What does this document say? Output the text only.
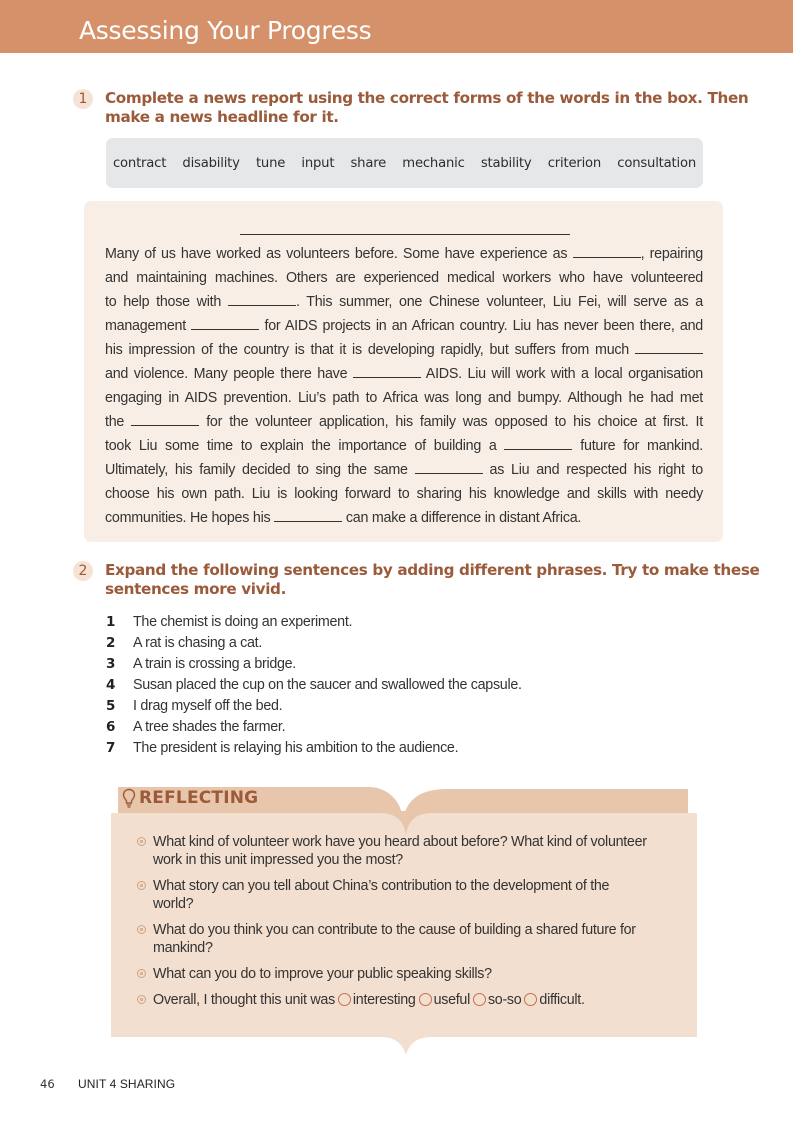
Assessing Your Progress
1	Complete a news report using the correct forms of the words in the box. Then
make a news headline for it.
contract disability tune input share mechanic stability criterion consultation
Many of us have worked as volunteers before. Some have experience as	, repairing
and maintaining machines. Others are experienced medical workers who have volunteered
to help those with	. This summer, one Chinese volunteer, Liu Fei, will serve as a
management	for AIDS projects in an African country. Liu has never been there, and
his impression of the country is that it is developing rapidly, but suffers from much
and violence. Many people there have	AIDS. Liu will work with a local organisation
engaging in AIDS prevention. Liu’s path to Africa was long and bumpy. Although he had met
the	for the volunteer application, his family was opposed to his choice at first. It
took Liu some time to explain the importance of building a	future for mankind.
Ultimately, his family decided to sing the same	as Liu and respected his right to
choose his own path. Liu is looking forward to sharing his knowledge and skills with needy
communities. He hopes his	can make a difference in distant Africa.
2	Expand the following sentences by adding different phrases. Try to make these
sentences more vivid.
1	The chemist is doing an experiment.
2	A rat is chasing a cat.
3	A train is crossing a bridge.
4	Susan placed the cup on the saucer and swallowed the capsule.
5	I drag myself off the bed.
6	A tree shades the farmer.
7	The president is relaying his ambition to the audience.
REFLECTING
What kind of volunteer work have you heard about before? What kind of volunteer
work in this unit impressed you the most?
What story can you tell about China’s contribution to the development of the
world?
What do you think you can contribute to the cause of building a shared future for
mankind?
What can you do to improve your public speaking skills?
Overall, I thought this unit was interesting useful so-so difficult.
46 UNIT 4 SHARING
